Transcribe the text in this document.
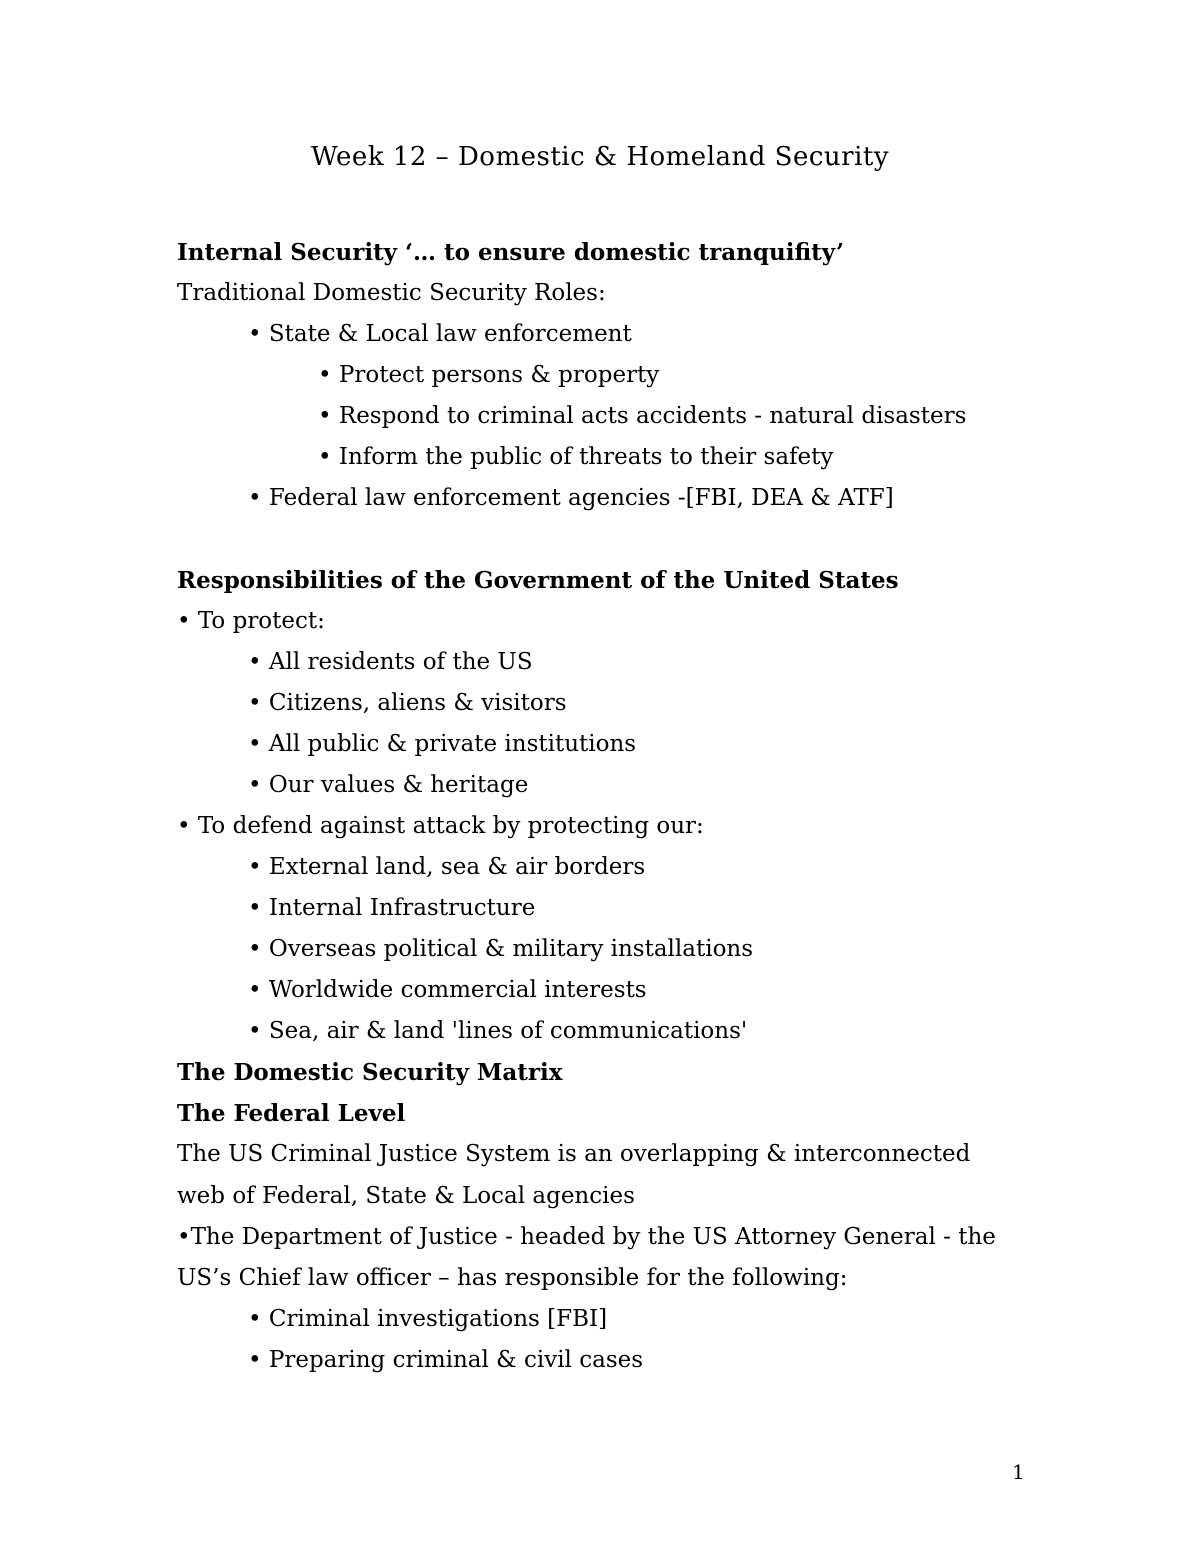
Week 12 – Domestic & Homeland Security
Internal Security ‘… to ensure domestic tranquifity’
Traditional Domestic Security Roles:
• State & Local law enforcement
• Protect persons & property
• Respond to criminal acts accidents - natural disasters
• Inform the public of threats to their safety
• Federal law enforcement agencies -[FBI, DEA & ATF]
Responsibilities of the Government of the United States
• To protect:
• All residents of the US
• Citizens, aliens & visitors
• All public & private institutions
• Our values & heritage
• To defend against attack by protecting our:
• External land, sea & air borders
• Internal Infrastructure
• Overseas political & military installations
• Worldwide commercial interests
• Sea, air & land 'lines of communications'
The Domestic Security Matrix
The Federal Level
The US Criminal Justice System is an overlapping & interconnected
web of Federal, State & Local agencies
•The Department of Justice - headed by the US Attorney General - the
US’s Chief law officer – has responsible for the following:
• Criminal investigations [FBI]
• Preparing criminal & civil cases
1
